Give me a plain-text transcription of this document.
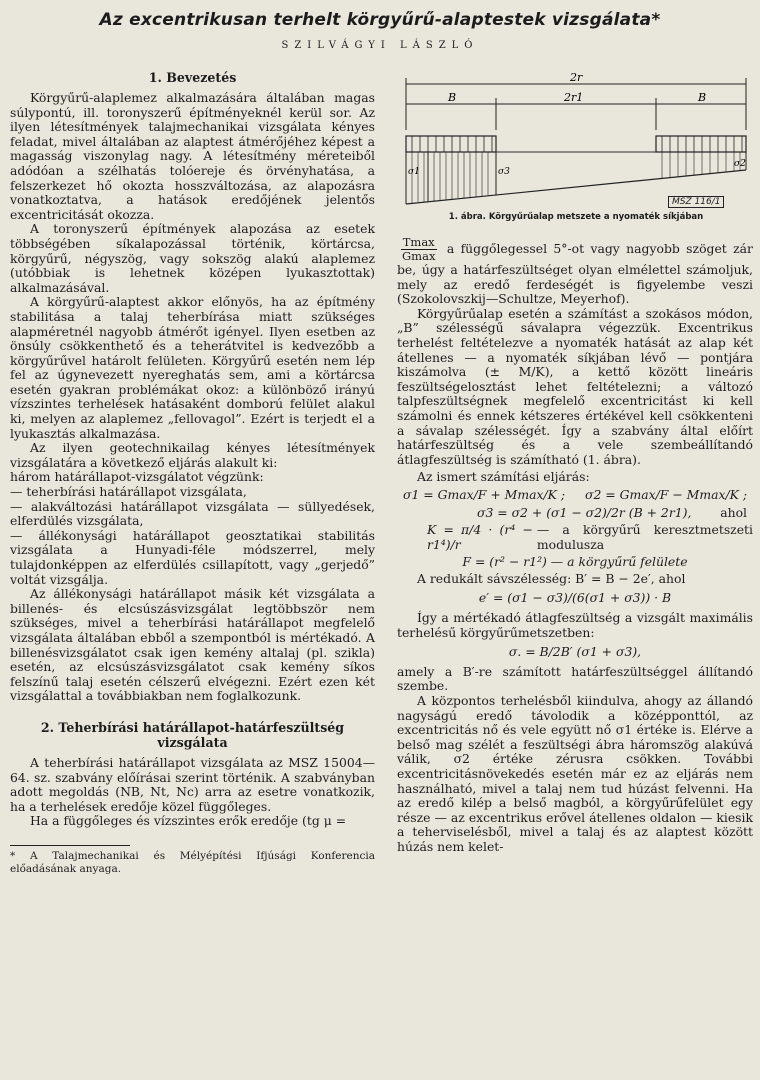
Az excentrikusan terhelt körgyűrű-alaptestek vizsgálata*
SZILVÁGYI LÁSZLÓ
1. Bevezetés

Körgyűrű-alaplemez alkalmazására általában magas súlypontú, ill. toronyszerű építményeknél kerül sor. Az ilyen létesítmények talajmechanikai vizsgálata kényes feladat, mivel általában az alaptest átmérőjéhez képest a magasság viszonylag nagy. A létesítmény méreteiből adódóan a szélhatás tolóereje és örvényhatása, a felszerkezet hő okozta hosszváltozása, az alapozásra vonatkoztatva, a hatások eredőjének jelentős excentricitását okozza.

A toronyszerű építmények alapozása az esetek többségében síkalapozással történik, körtárcsa, körgyűrű, négyszög, vagy sokszög alakú alaplemez (utóbbiak is lehetnek középen lyukasztottak) alkalmazásával.

A körgyűrű-alaptest akkor előnyös, ha az építmény stabilitása a talaj teherbírása miatt szükséges alapméretnél nagyobb átmérőt igényel. Ilyen esetben az önsúly csökkenthető és a teherátvitel is kedvezőbb a körgyűrűvel határolt felületen. Körgyűrű esetén nem lép fel az úgynevezett nyereghatás sem, ami a körtárcsa esetén gyakran problémákat okoz: a különböző irányú vízszintes terhelések hatásaként domború felület alakul ki, melyen az alaplemez „fellovagol”. Ezért is terjedt el a lyukasztás alkalmazása.

Az ilyen geotechnikailag kényes létesítmények vizsgálatára a következő eljárás alakult ki:

három határállapot-vizsgálatot végzünk:

— teherbírási határállapot vizsgálata,

— alakváltozási határállapot vizsgálata — süllyedések, elferdülés vizsgálata,

— állékonysági határállapot geosztatikai stabilitás vizsgálata a Hunyadi-féle módszerrel, mely tulajdonképpen az elferdülés csillapított, vagy „gerjedő” voltát vizsgálja.

Az állékonysági határállapot másik két vizsgálata a billenés- és elcsúszásvizsgálat legtöbbször nem szükséges, mivel a teherbírási határállapot megfelelő vizsgálata általában ebből a szempontból is mértékadó. A billenésvizsgálatot csak igen kemény altalaj (pl. szikla) esetén, az elcsúszásvizsgálatot csak kemény síkos felszínű talaj esetén célszerű elvégezni. Ezért ezen két vizsgálattal a továbbiakban nem foglalkozunk.

2. Teherbírási határállapot-határfeszültség vizsgálata

A teherbírási határállapot vizsgálata az MSZ 15004—64. sz. szabvány előírásai szerint történik. A szabványban adott megoldás (NB, Nt, Nc) arra az esetre vonatkozik, ha a terhelések eredője közel függőleges.

Ha a függőleges és vízszintes erők eredője (tg μ =

* A Talajmechanikai és Mélyépítési Ifjúsági Konferencia előadásának anyaga.

2r
B	2r1	B
σ1	σ3
σ2
MSZ 116/1
1. ábra. Körgyűrűalap metszete a nyomaték síkjában

$\frac{Tmax}{Gmax}$ a függőlegessel 5°-ot vagy nagyobb szöget zár be, úgy a határfeszültséget olyan elmélettel számoljuk, mely az eredő ferdeségét is figyelembe veszi (Szokolovszkij—Schultze, Meyerhof).

Körgyűrűalap esetén a számítást a szokásos módon, „B” szélességű sávalapra végezzük. Excentrikus terhelést feltételezve a nyomaték hatását az alap két átellenes — a nyomaték síkjában lévő — pontjára kiszámolva (± M/K), a kettő között lineáris feszültségelosztást lehet feltételezni; a változó talpfeszültségnek megfelelő excentricitást ki kell számolni és ennek kétszeres értékével kell csökkenteni a sávalap szélességét. Így a szabvány által előírt határfeszültség és a vele szembeállítandó átlagfeszültség is számítható (1. ábra).

Az ismert számítási eljárás:

σ1 = Gmax/F + Mmax/K ; σ2 = Gmax/F − Mmax/K ;
σ3 = σ2 + (σ1 − σ2)/2r (B + 2r1), ahol
K = π/4 · (r⁴ − r1⁴)/r
— a körgyűrű keresztmetszeti modulusza
F = (r² − r1²) — a körgyűrű felülete

A redukált sávszélesség: B′ = B − 2e′, ahol

e′ = (σ1 − σ3)/(6(σ1 + σ3)) · B

Így a mértékadó átlagfeszültség a vizsgált maximális terhelésű körgyűrűmetszetben:

σ. = B/2B′ (σ1 + σ3),

amely a B′-re számított határfeszültséggel állítandó szembe.

A központos terhelésből kiindulva, ahogy az állandó nagyságú eredő távolodik a középponttól, az excentricitás nő és vele együtt nő σ1 értéke is. Elérve a belső mag szélét a feszültségi ábra háromszög alakúvá válik, σ2 értéke zérusra csökken. További excentricitásnövekedés esetén már ez az eljárás nem használható, mivel a talaj nem tud húzást felvenni. Ha az eredő kilép a belső magból, a körgyűrűfelület egy része — az excentrikus erővel átellenes oldalon — kiesik a teherviselésből, mivel a talaj és az alaptest között húzás nem kelet-
